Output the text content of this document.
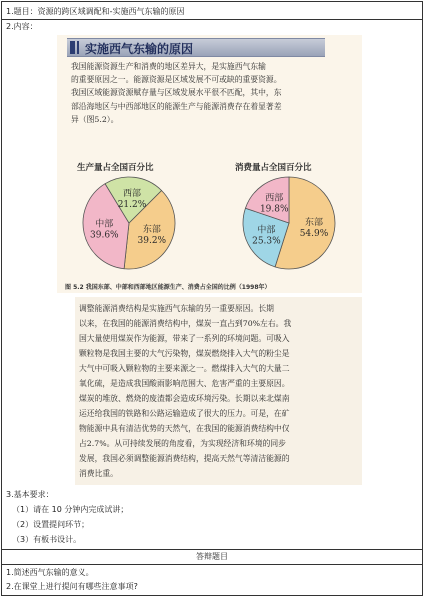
1.题目：资源的跨区域调配和-实施西气东输的原因
2.内容：
实施西气东输的原因
我国能源资源生产和消费的地区差异大，是实施西气东输
的重要原因之一。能源资源是区域发展不可或缺的重要资源。
我国区域能源资源赋存量与区域发展水平很不匹配，其中，东
部沿海地区与中西部地区的能源生产与能源消费存在着显著差
异（图5.2）。
生产量占全国百分比	消费量占全国百分比
东部
39.2%
中部
39.6%
西部
21.2%
东部
54.9%
中部
25.3%
西部
19.8%
图 5.2 我国东部、中部和西部地区能源生产、消费占全国的比例（1998年）
调整能源消费结构是实施西气东输的另一重要原因。长期
以来，在我国的能源消费结构中，煤炭一直占到70%左右。我
国大量使用煤炭作为能源，带来了一系列的环境问题。可吸入
颗粒物是我国主要的大气污染物，煤炭燃烧排入大气的粉尘是
大气中可吸入颗粒物的主要来源之一。燃煤排入大气的大量二
氧化硫，是造成我国酸雨影响范围大、危害严重的主要原因。
煤炭的堆放、燃烧的废渣都会造成环境污染。长期以来北煤南
运还给我国的铁路和公路运输造成了很大的压力。可是，在矿
物能源中具有清洁优势的天然气，在我国的能源消费结构中仅
占2.7%。从可持续发展的角度看，为实现经济和环境的同步
发展，我国必须调整能源消费结构，提高天然气等清洁能源的
消费比重。
3.基本要求：
（1）请在 10 分钟内完成试讲；
（2）设置提问环节；
（3）有板书设计。
答辩题目
1.简述西气东输的意义。
2.在课堂上进行提问有哪些注意事项?
